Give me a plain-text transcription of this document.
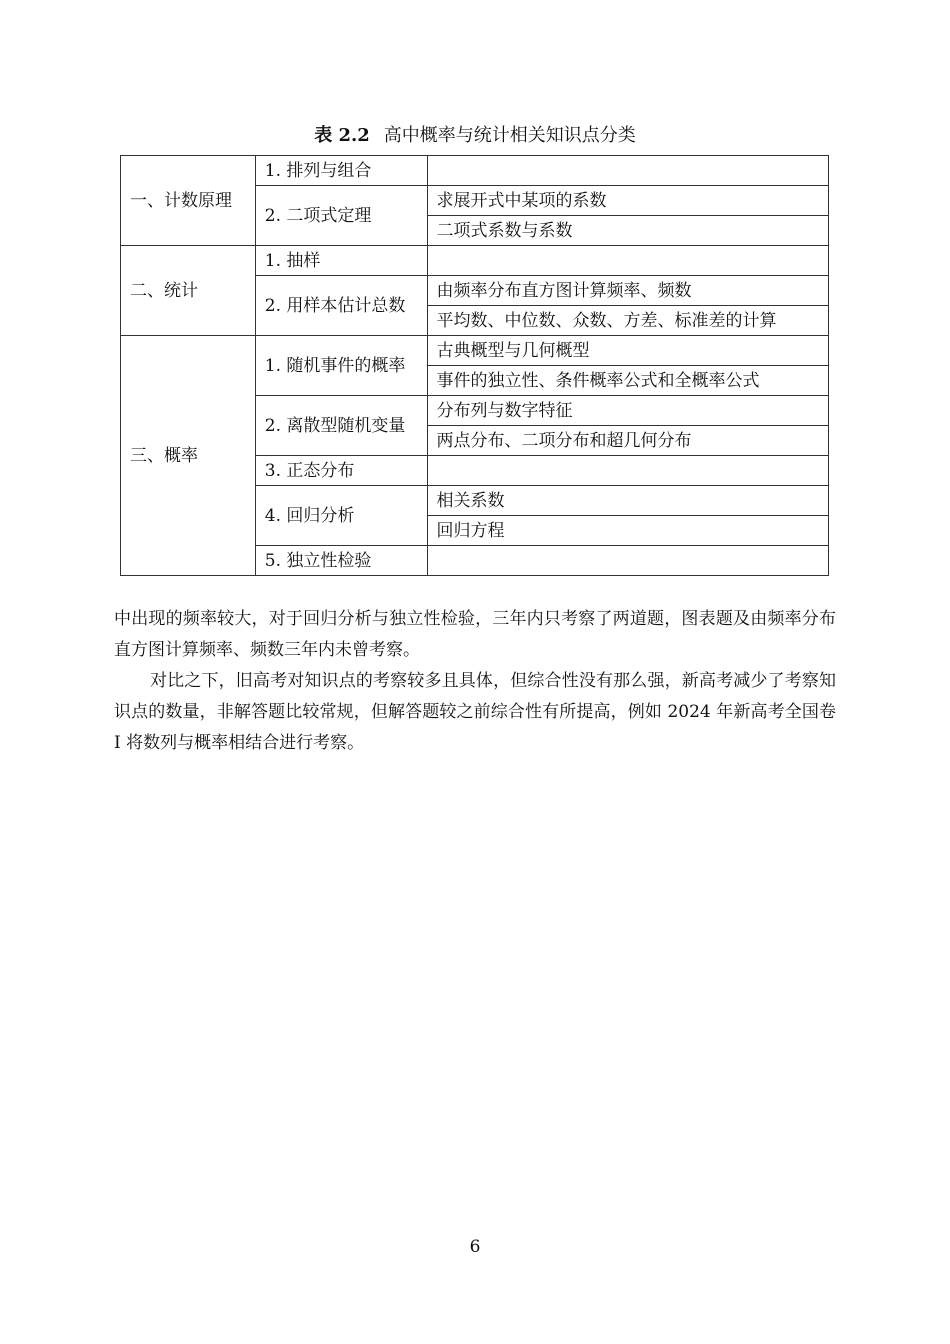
表 2.2 高中概率与统计相关知识点分类
一、计数原理	1. 排列与组合	
	2. 二项式定理	求展开式中某项的系数
		二项式系数与系数
二、统计	1. 抽样	
	2. 用样本估计总数	由频率分布直方图计算频率、频数
		平均数、中位数、众数、方差、标准差的计算
三、概率	1. 随机事件的概率	古典概型与几何概型
		事件的独立性、条件概率公式和全概率公式
	2. 离散型随机变量	分布列与数字特征
		两点分布、二项分布和超几何分布
	3. 正态分布	
	4. 回归分析	相关系数
		回归方程
	5. 独立性检验	

中出现的频率较大，对于回归分析与独立性检验，三年内只考察了两道题，图表题及由频率分布直方图计算频率、频数三年内未曾考察。

对比之下，旧高考对知识点的考察较多且具体，但综合性没有那么强，新高考减少了考察知识点的数量，非解答题比较常规，但解答题较之前综合性有所提高，例如 2024 年新高考全国卷 I 将数列与概率相结合进行考察。

6
